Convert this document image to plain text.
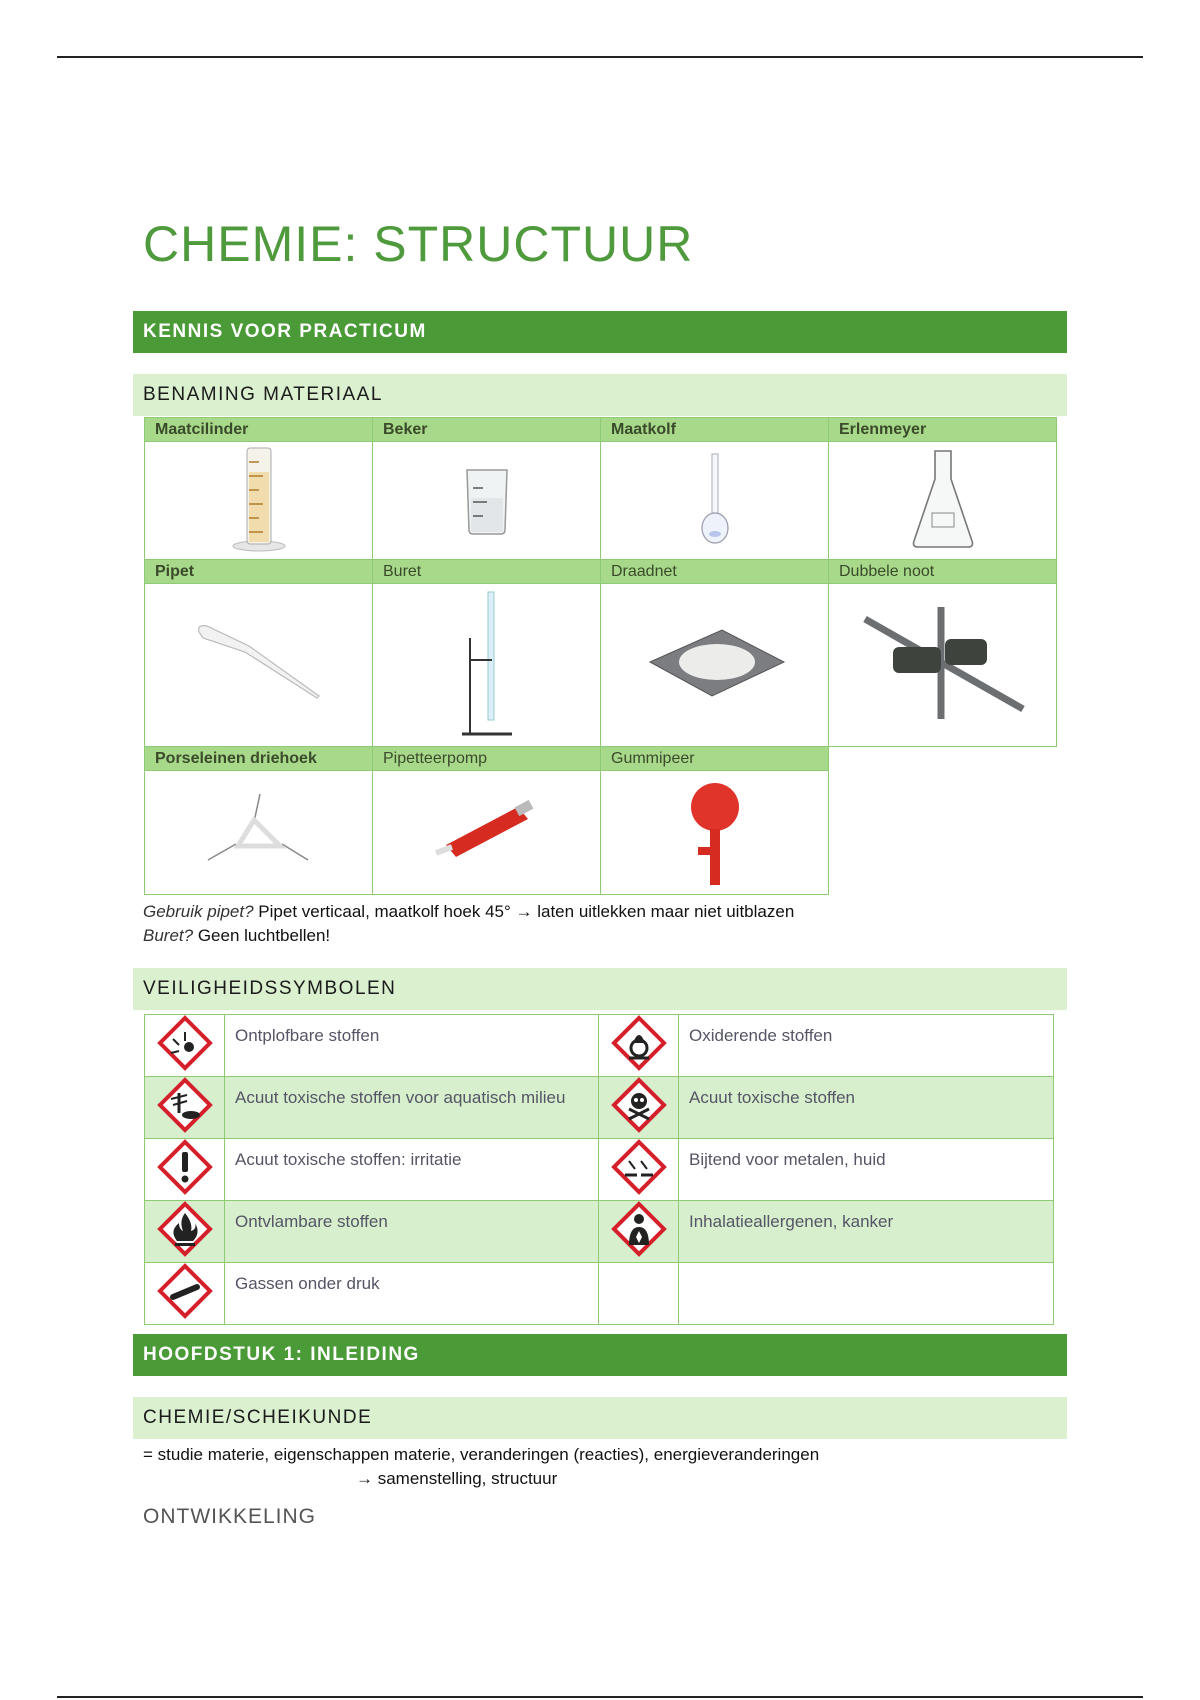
CHEMIE: STRUCTUUR
KENNIS VOOR PRACTICUM
BENAMING MATERIAAL
Maatcilinder	Beker	Maatkolf	Erlenmeyer

Pipet	Buret	Draadnet	Dubbele noot

Porseleinen driehoek	Pipetteerpomp	Gummipeer	

Gebruik pipet? Pipet verticaal, maatkolf hoek 45° → laten uitlekken maar niet uitblazen
Buret? Geen luchtbellen!
VEILIGHEIDSSYMBOLEN
	Ontplofbare stoffen		Oxiderende stoffen
	Acuut toxische stoffen voor aquatisch milieu		Acuut toxische stoffen
	Acuut toxische stoffen: irritatie		Bijtend voor metalen, huid
	Ontvlambare stoffen		Inhalatieallergenen, kanker
	Gassen onder druk		
HOOFDSTUK 1: INLEIDING
CHEMIE/SCHEIKUNDE
= studie materie, eigenschappen materie, veranderingen (reacties), energieveranderingen
→ samenstelling, structuur
ONTWIKKELING
